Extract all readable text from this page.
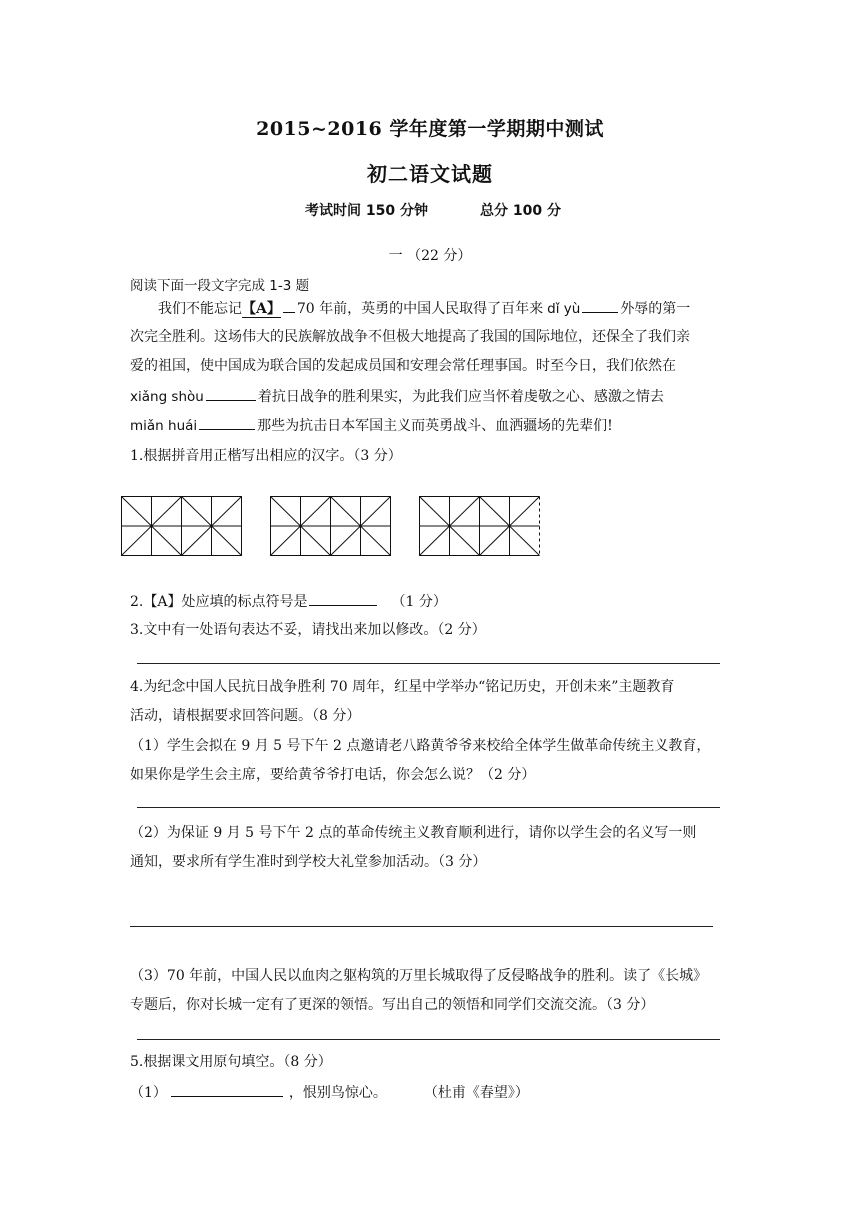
2015~2016 学年度第一学期期中测试
初二语文试题
考试时间 150 分钟	总分 100 分
一 （22 分）
阅读下面一段文字完成 1-3 题
我们不能忘记【A】 70 年前，英勇的中国人民取得了百年来 dǐ yù	外辱的第一
次完全胜利。这场伟大的民族解放战争不但极大地提高了我国的国际地位，还保全了我们亲
爱的祖国，使中国成为联合国的发起成员国和安理会常任理事国。时至今日，我们依然在
xiǎng shòu	着抗日战争的胜利果实，为此我们应当怀着虔敬之心、感激之情去
miǎn huái	那些为抗击日本军国主义而英勇战斗、血洒疆场的先辈们!
1.根据拼音用正楷写出相应的汉字。（3 分）
2.【A】处应填的标点符号是	（1 分）
3.文中有一处语句表达不妥，请找出来加以修改。（2 分）
4.为纪念中国人民抗日战争胜利 70 周年，红星中学举办“铭记历史，开创未来”主题教育
活动，请根据要求回答问题。（8 分）
（1）学生会拟在 9 月 5 号下午 2 点邀请老八路黄爷爷来校给全体学生做革命传统主义教育，
如果你是学生会主席，要给黄爷爷打电话，你会怎么说？（2 分）
（2）为保证 9 月 5 号下午 2 点的革命传统主义教育顺利进行，请你以学生会的名义写一则
通知，要求所有学生准时到学校大礼堂参加活动。（3 分）
（3）70 年前，中国人民以血肉之躯构筑的万里长城取得了反侵略战争的胜利。读了《长城》
专题后，你对长城一定有了更深的领悟。写出自己的领悟和同学们交流交流。（3 分）
5.根据课文用原句填空。（8 分）
（1）	，恨别鸟惊心。	（杜甫《春望》）
